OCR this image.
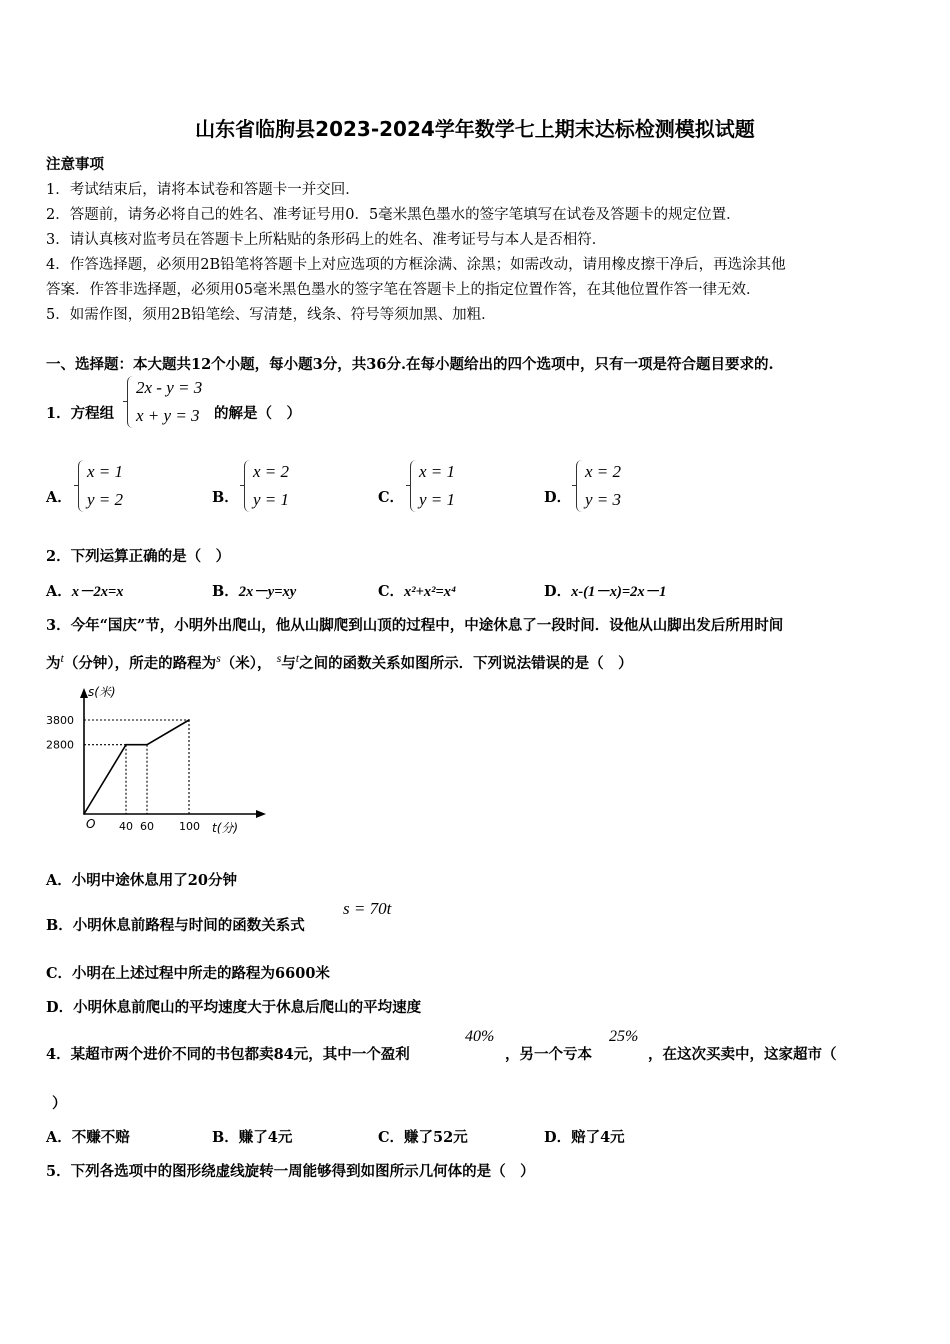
山东省临朐县2023-2024学年数学七上期末达标检测模拟试题
注意事项
1．考试结束后，请将本试卷和答题卡一并交回．
2．答题前，请务必将自己的姓名、准考证号用0．5毫米黑色墨水的签字笔填写在试卷及答题卡的规定位置．
3．请认真核对监考员在答题卡上所粘贴的条形码上的姓名、准考证号与本人是否相符．
4．作答选择题，必须用2B铅笔将答题卡上对应选项的方框涂满、涂黑；如需改动，请用橡皮擦干净后，再选涂其他
答案．作答非选择题，必须用05毫米黑色墨水的签字笔在答题卡上的指定位置作答，在其他位置作答一律无效．
5．如需作图，须用2B铅笔绘、写清楚，线条、符号等须加黑、加粗．
一、选择题：本大题共12个小题，每小题3分，共36分.在每小题给出的四个选项中，只有一项是符合题目要求的.
1．方程组
2x - y = 3
x + y = 3 的解是（　）
A．
x = 1
y = 2	B．
x = 2
y = 1	C．
x = 1
y = 1	D．
x = 2
y = 3
2．下列运算正确的是（　）
A．x－2x=x	B．2x－y=xy	C．x²+x²=x⁴	D．x-(1－x)=2x－1
3．今年“国庆”节，小明外出爬山，他从山脚爬到山顶的过程中，中途休息了一段时间．设他从山脚出发后所用时间
为$^t$（分钟），所走的路程为$^s$（米）， $^s$与$^t$之间的函数关系如图所示．下列说法错误的是（　）
3800
2800
40 60 100
s(米)
t(分)
O
A．小明中途休息用了20分钟
B．小明休息前路程与时间的函数关系式
s = 70t
C．小明在上述过程中所走的路程为6600米
D．小明休息前爬山的平均速度大于休息后爬山的平均速度
4．某超市两个进价不同的书包都卖84元，其中一个盈利
40%
，另一个亏本
25%
，在这次买卖中，这家超市（
）
A．不赚不赔	B．赚了4元	C．赚了52元	D．赔了4元
5．下列各选项中的图形绕虚线旋转一周能够得到如图所示几何体的是（　）
